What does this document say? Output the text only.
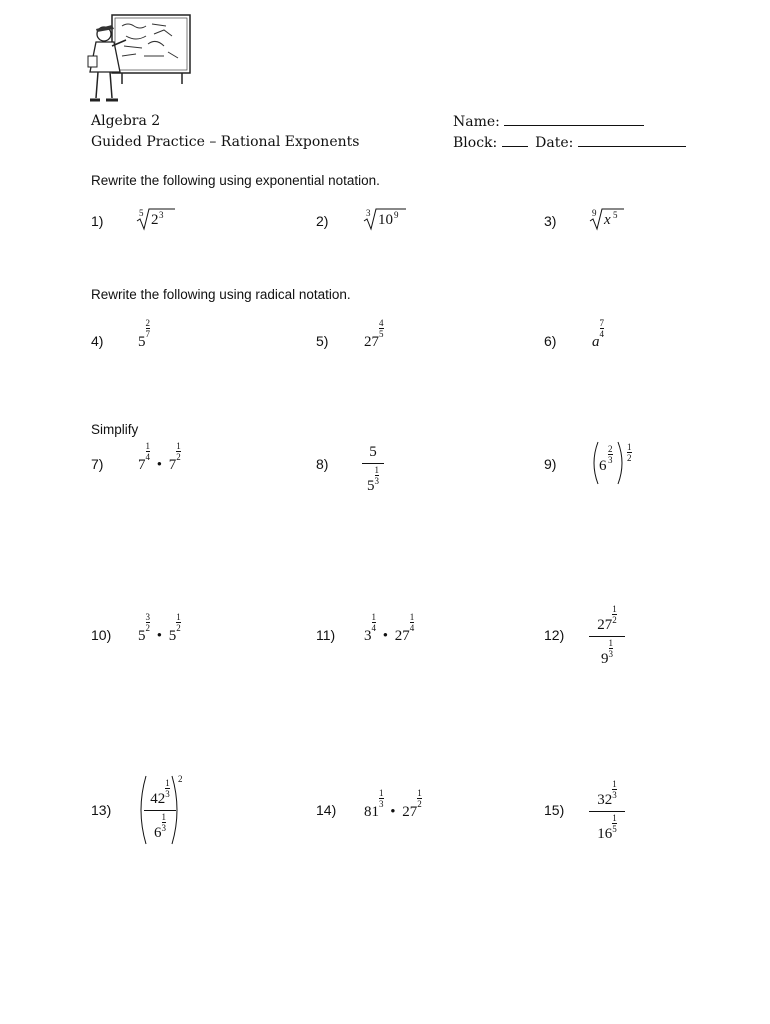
Algebra 2
Guided Practice – Rational Exponents
Name:
Block:	Date:
Rewrite the following using exponential notation.
Rewrite the following using radical notation.
Simplify
1)	5 2 3	2)	3 10 9	3)	9 x 5
4) 5
$\frac{2}{7}$
5) 27
$\frac{4}{5}$
6) a
$\frac{7}{4}$
7) 7
$\frac{1}{4}$
• 7
$\frac{1}{2}$
8)
5
$5 \frac{1}{3}$
9)	6
2
3
1
2
10) 5
$\frac{3}{2}$
• 5
$\frac{1}{2}$
11) 3
$\frac{1}{4}$
• 27
$\frac{1}{4}$
12)
$27 \frac{1}{2}$
$9 \frac{1}{3}$
13)
$42 \frac{1}{3}$
$6 \frac{1}{3}$
2
14) 81
$\frac{1}{3}$
• 27
$\frac{1}{2}$
15)
$32 \frac{1}{3}$
$16 \frac{1}{5}$
